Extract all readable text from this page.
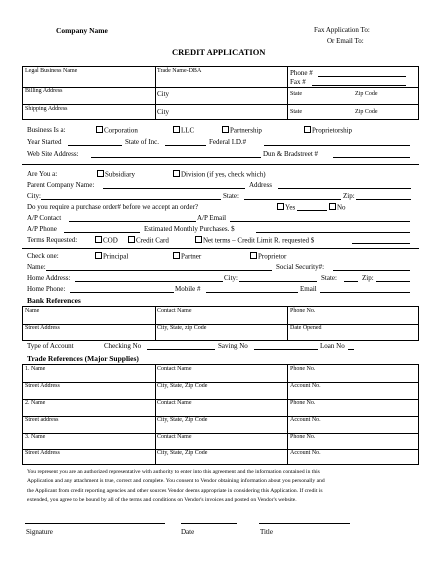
Company Name	Fax Application To:
Or Email To:
CREDIT APPLICATION
Legal Business Name	Trade Name-DBA	Phone #
Fax #
Billing Address	City	State	Zip Code
Shipping Address	City	State	Zip Code
Business Is a:	Corporation	LLC	Partnership	Proprietorship
Year Started	State of Inc.	Federal I.D.#
Web Site Address:	Dun & Bradstreet #
Are You a:	Subsidiary	Division (if yes, check which)
Parent Company Name:	Address
City:	State:	Zip:
Do you require a purchase order# before we accept an order?	Yes	No
A/P Contact	A/P Email
A/P Phone	Estimated Monthly Purchases. $
Terms Requested:	COD	Credit Card	Net terms – Credit Limit R. requested $
Check one:	Principal	Partner	Proprietor
Name:	Social Security#:
Home Address:	City:	State:	Zip:
Home Phone:	Mobile #	Email
Bank References
Name	Contact Name	Phone No.
Street Address	City, State, zip Code	Date Opened
Type of Account	Checking No	Saving No	Loan No
Trade References (Major Supplies)
1. Name	Contact Name	Phone No.
Street Address	City, State, Zip Code	Account No.
2. Name	Contact Name	Phone No.
Street address	City, State, Zip Code	Account No.
3. Name	Contact Name	Phone No.
Street Address	City, State, Zip Code	Account No.
You represent you are an authorized representative with authority to enter into this agreement and the information contained in this
Application and any attachment is true, correct and complete. You consent to Vendor obtaining information about you personally and
the Applicant from credit reporting agencies and other sources Vendor deems appropriate in considering this Application. If credit is
extended, you agree to be bound by all of the terms and conditions on Vendor's invoices and posted on Vendor's website.
Signature	Date	Title
